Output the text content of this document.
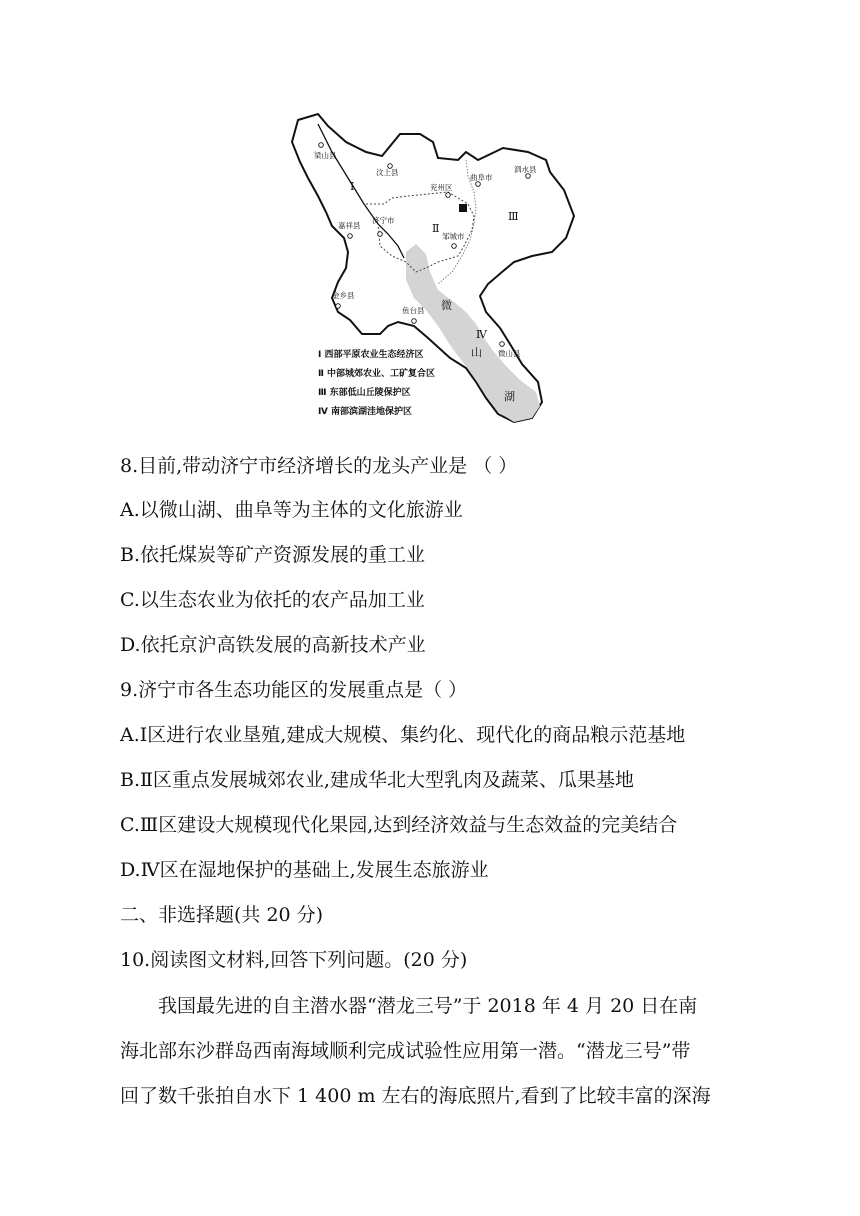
梁山县
汶上县
兖州区
曲阜市
泗水县
嘉祥县
济宁市
邹城市
金乡县
鱼台县
微山县
Ⅰ
Ⅱ
Ⅲ
Ⅳ
微
山
湖
Ⅰ 西部平原农业生态经济区
Ⅱ 中部城郊农业、工矿复合区
Ⅲ 东部低山丘陵保护区
Ⅳ 南部滨湖洼地保护区
8.目前,带动济宁市经济增长的龙头产业是 （ ）
A.以微山湖、曲阜等为主体的文化旅游业
B.依托煤炭等矿产资源发展的重工业
C.以生态农业为依托的农产品加工业
D.依托京沪高铁发展的高新技术产业
9.济宁市各生态功能区的发展重点是（ ）
A.Ⅰ区进行农业垦殖,建成大规模、集约化、现代化的商品粮示范基地
B.Ⅱ区重点发展城郊农业,建成华北大型乳肉及蔬菜、瓜果基地
C.Ⅲ区建设大规模现代化果园,达到经济效益与生态效益的完美结合
D.Ⅳ区在湿地保护的基础上,发展生态旅游业
二、非选择题(共 20 分)
10.阅读图文材料,回答下列问题。(20 分)
我国最先进的自主潜水器“潜龙三号”于 2018 年 4 月 20 日在南
海北部东沙群岛西南海域顺利完成试验性应用第一潜。“潜龙三号”带
回了数千张拍自水下 1 400 m 左右的海底照片,看到了比较丰富的深海
